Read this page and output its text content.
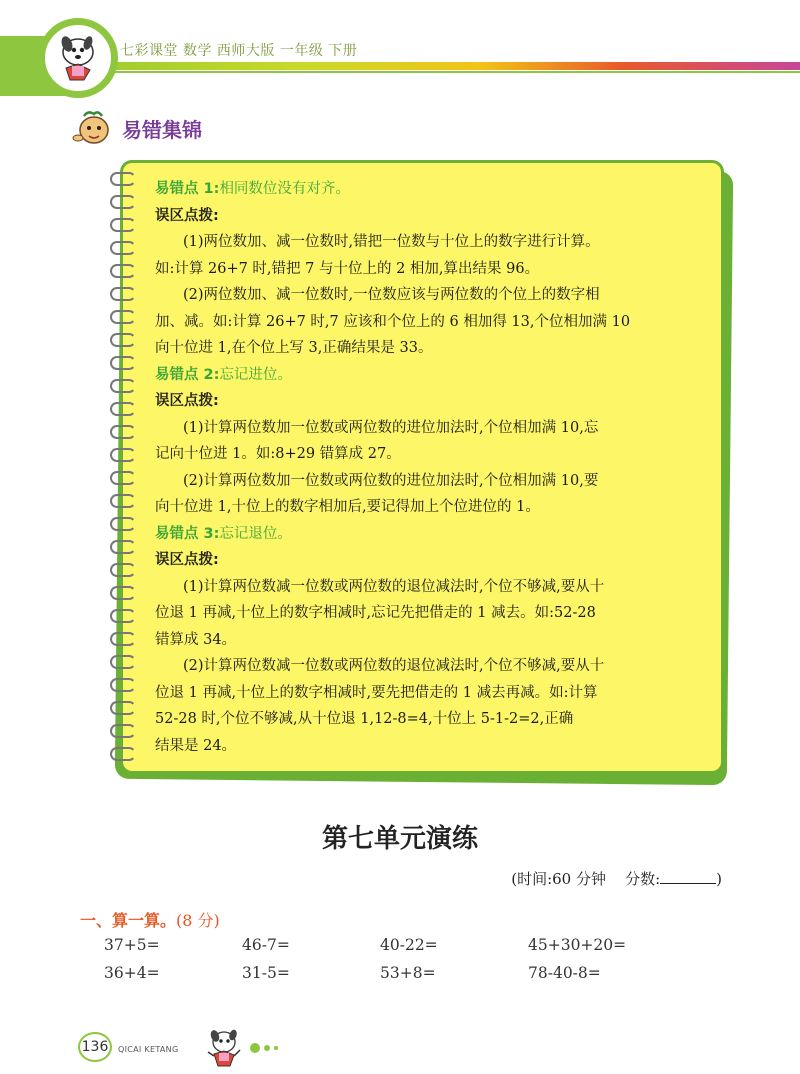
七彩课堂 数学 西师大版 一年级 下册
易错集锦

易错点 1:相同数位没有对齐。

误区点拨:

(1)两位数加、减一位数时,错把一位数与十位上的数字进行计算。

如:计算 26+7 时,错把 7 与十位上的 2 相加,算出结果 96。

(2)两位数加、减一位数时,一位数应该与两位数的个位上的数字相

加、减。如:计算 26+7 时,7 应该和个位上的 6 相加得 13,个位相加满 10

向十位进 1,在个位上写 3,正确结果是 33。

易错点 2:忘记进位。

误区点拨:

(1)计算两位数加一位数或两位数的进位加法时,个位相加满 10,忘

记向十位进 1。如:8+29 错算成 27。

(2)计算两位数加一位数或两位数的进位加法时,个位相加满 10,要

向十位进 1,十位上的数字相加后,要记得加上个位进位的 1。

易错点 3:忘记退位。

误区点拨:

(1)计算两位数减一位数或两位数的退位减法时,个位不够减,要从十

位退 1 再减,十位上的数字相减时,忘记先把借走的 1 减去。如:52-28

错算成 34。

(2)计算两位数减一位数或两位数的退位减法时,个位不够减,要从十

位退 1 再减,十位上的数字相减时,要先把借走的 1 减去再减。如:计算

52-28 时,个位不够减,从十位退 1,12-8=4,十位上 5-1-2=2,正确

结果是 24。

第七单元演练
(时间:60 分钟 分数:	)
一、算一算。(8 分)
37+5=	46-7=	40-22=	45+30+20=
36+4=	31-5=	53+8=	78-40-8=
136	QICAI KETANG
